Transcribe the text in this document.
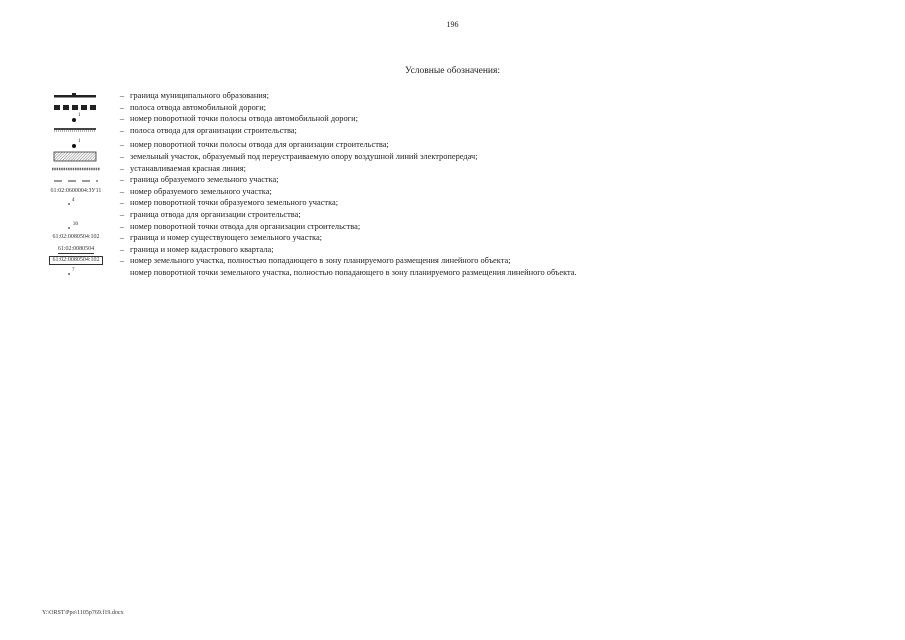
196
Условные обозначения:
– граница муниципального образования;
– полоса отвода автомобильной дороги;
1	– номер поворотной точки полосы отвода автомобильной дороги;
– полоса отвода для организации строительства;
1	– номер поворотной точки полосы отвода для организации строительства;
– земельный участок, образуемый под переустраиваемую опору воздушной линий электропередач;
– устанавливаемая красная линия;
– граница образуемого земельного участка;
61:02:0600004:ЗУ11	– номер образуемого земельного участка;
4	– номер поворотной точки образуемого земельного участка;
– граница отвода для организации строительства;
30	– номер поворотной точки отвода для организации строительства;
61:02:0080504:102	– граница и номер существующего земельного участка;
61:02:0080504	– граница и номер кадастрового квартала;
61:02:0080504:102	– номер земельного участка, полностью попадающего в зону планируемого размещения линейного объекта;
7	номер поворотной точки земельного участка, полностью попадающего в зону планируемого размещения линейного объекта.
Y:\ORST\Ppo\1105p769.f19.docx
